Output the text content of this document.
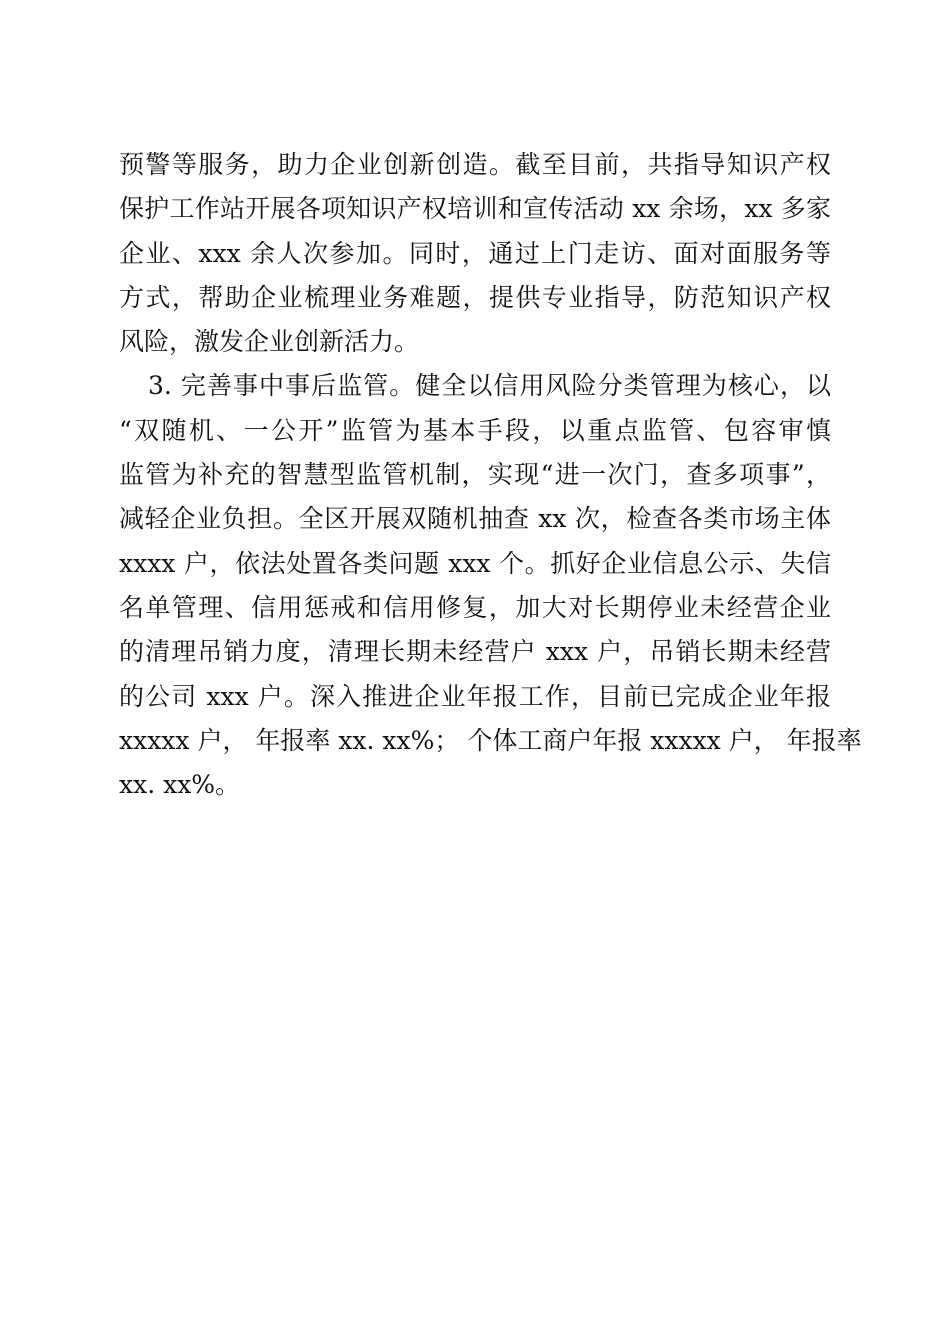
预警等服务，助力企业创新创造。截至目前，共指导知识产权
保护工作站开展各项知识产权培训和宣传活动 xx 余场，xx 多家
企业、xxx 余人次参加。同时，通过上门走访、面对面服务等
方式，帮助企业梳理业务难题，提供专业指导，防范知识产权
风险，激发企业创新活力。
3. 完善事中事后监管。健全以信用风险分类管理为核心，以
“双随机、一公开”监管为基本手段，以重点监管、包容审慎
监管为补充的智慧型监管机制，实现“进一次门，查多项事”，
减轻企业负担。全区开展双随机抽查 xx 次，检查各类市场主体
xxxx 户，依法处置各类问题 xxx 个。抓好企业信息公示、失信
名单管理、信用惩戒和信用修复，加大对长期停业未经营企业
的清理吊销力度，清理长期未经营户 xxx 户，吊销长期未经营
的公司 xxx 户。深入推进企业年报工作，目前已完成企业年报
xxxxx 户， 年报率 xx. xx%； 个体工商户年报 xxxxx 户， 年报率
xx. xx%。
